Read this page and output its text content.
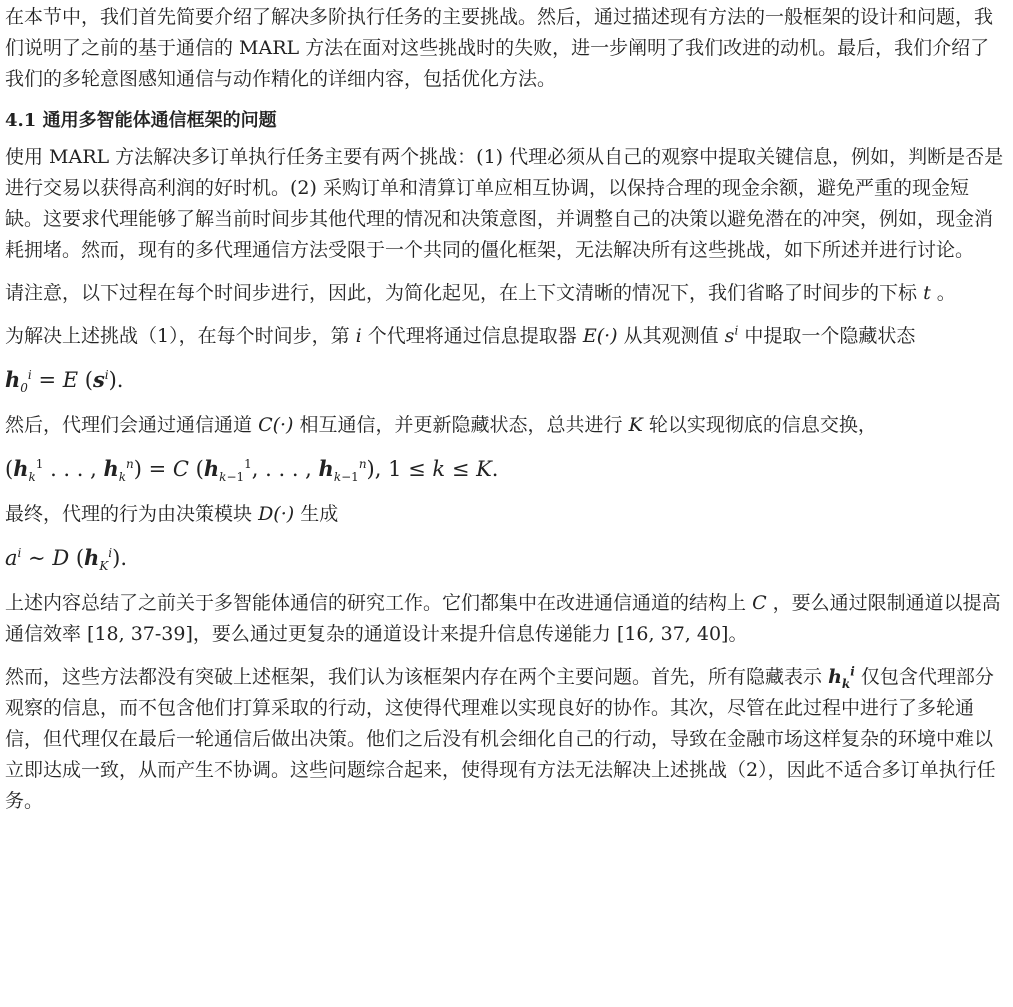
在本节中，我们首先简要介绍了解决多阶执行任务的主要挑战。然后，通过描述现有方法的一般框架的设计和问题，我们说明了之前的基于通信的 MARL 方法在面对这些挑战时的失败，进一步阐明了我们改进的动机。最后，我们介绍了我们的多轮意图感知通信与动作精化的详细内容，包括优化方法。

4.1 通用多智能体通信框架的问题

使用 MARL 方法解决多订单执行任务主要有两个挑战：(1) 代理必须从自己的观察中提取关键信息，例如，判断是否是进行交易以获得高利润的好时机。(2) 采购订单和清算订单应相互协调，以保持合理的现金余额，避免严重的现金短缺。这要求代理能够了解当前时间步其他代理的情况和决策意图，并调整自己的决策以避免潜在的冲突，例如，现金消耗拥堵。然而，现有的多代理通信方法受限于一个共同的僵化框架，无法解决所有这些挑战，如下所述并进行讨论。

请注意，以下过程在每个时间步进行，因此，为简化起见，在上下文清晰的情况下，我们省略了时间步的下标 t 。

为解决上述挑战（1），在每个时间步，第 i 个代理将通过信息提取器 E(·) 从其观测值 $s^i$ 中提取一个隐藏状态

$h_0^i = E$ $(s^i)$.

然后，代理们会通过通信通道 C(·) 相互通信，并更新隐藏状态，总共进行 K 轮以实现彻底的信息交换，

($h_k^1$ . . . , $h_k^n) = C$ ($h_{k-1}^1$, . . . , $h_{k-1}^n$), 1 ≤ k ≤ K.

最终，代理的行为由决策模块 D(·) 生成

$a^i$ ∼ D $(h_K^i)$.

上述内容总结了之前关于多智能体通信的研究工作。它们都集中在改进通信通道的结构上 C ，要么通过限制通道以提高通信效率 [18, 37-39]，要么通过更复杂的通道设计来提升信息传递能力 [16, 37, 40]。

然而，这些方法都没有突破上述框架，我们认为该框架内存在两个主要问题。首先，所有隐藏表示 $h_k^i$ 仅包含代理部分观察的信息，而不包含他们打算采取的行动，这使得代理难以实现良好的协作。其次，尽管在此过程中进行了多轮通信，但代理仅在最后一轮通信后做出决策。他们之后没有机会细化自己的行动，导致在金融市场这样复杂的环境中难以立即达成一致，从而产生不协调。这些问题综合起来，使得现有方法无法解决上述挑战（2），因此不适合多订单执行任务。
